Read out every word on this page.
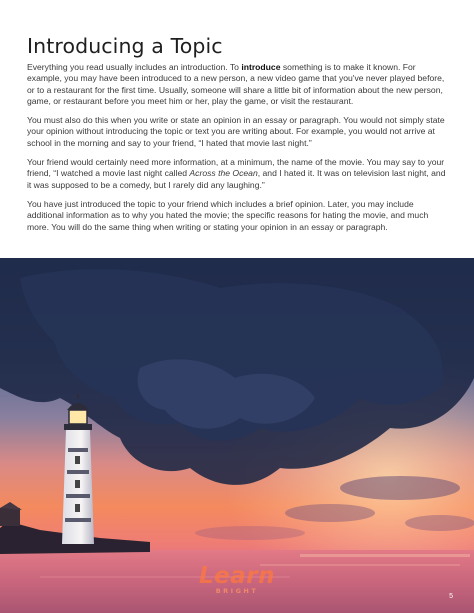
Introducing a Topic

Everything you read usually includes an introduction. To introduce something is to make it known. For example, you may have been introduced to a new person, a new video game that you've never played before, or to a restaurant for the first time. Usually, someone will share a little bit of information about the new person, game, or restaurant before you meet him or her, play the game, or visit the restaurant.

You must also do this when you write or state an opinion in an essay or paragraph. You would not simply state your opinion without introducing the topic or text you are writing about. For example, you would not arrive at school in the morning and say to your friend, “I hated that movie last night.”

Your friend would certainly need more information, at a minimum, the name of the movie. You may say to your friend, “I watched a movie last night called Across the Ocean, and I hated it. It was on television last night, and it was supposed to be a comedy, but I rarely did any laughing.”

You have just introduced the topic to your friend which includes a brief opinion. Later, you may include additional information as to why you hated the movie; the specific reasons for hating the movie, and much more. You will do the same thing when writing or stating your opinion in an essay or paragraph.

Learn
BRIGHT
5
